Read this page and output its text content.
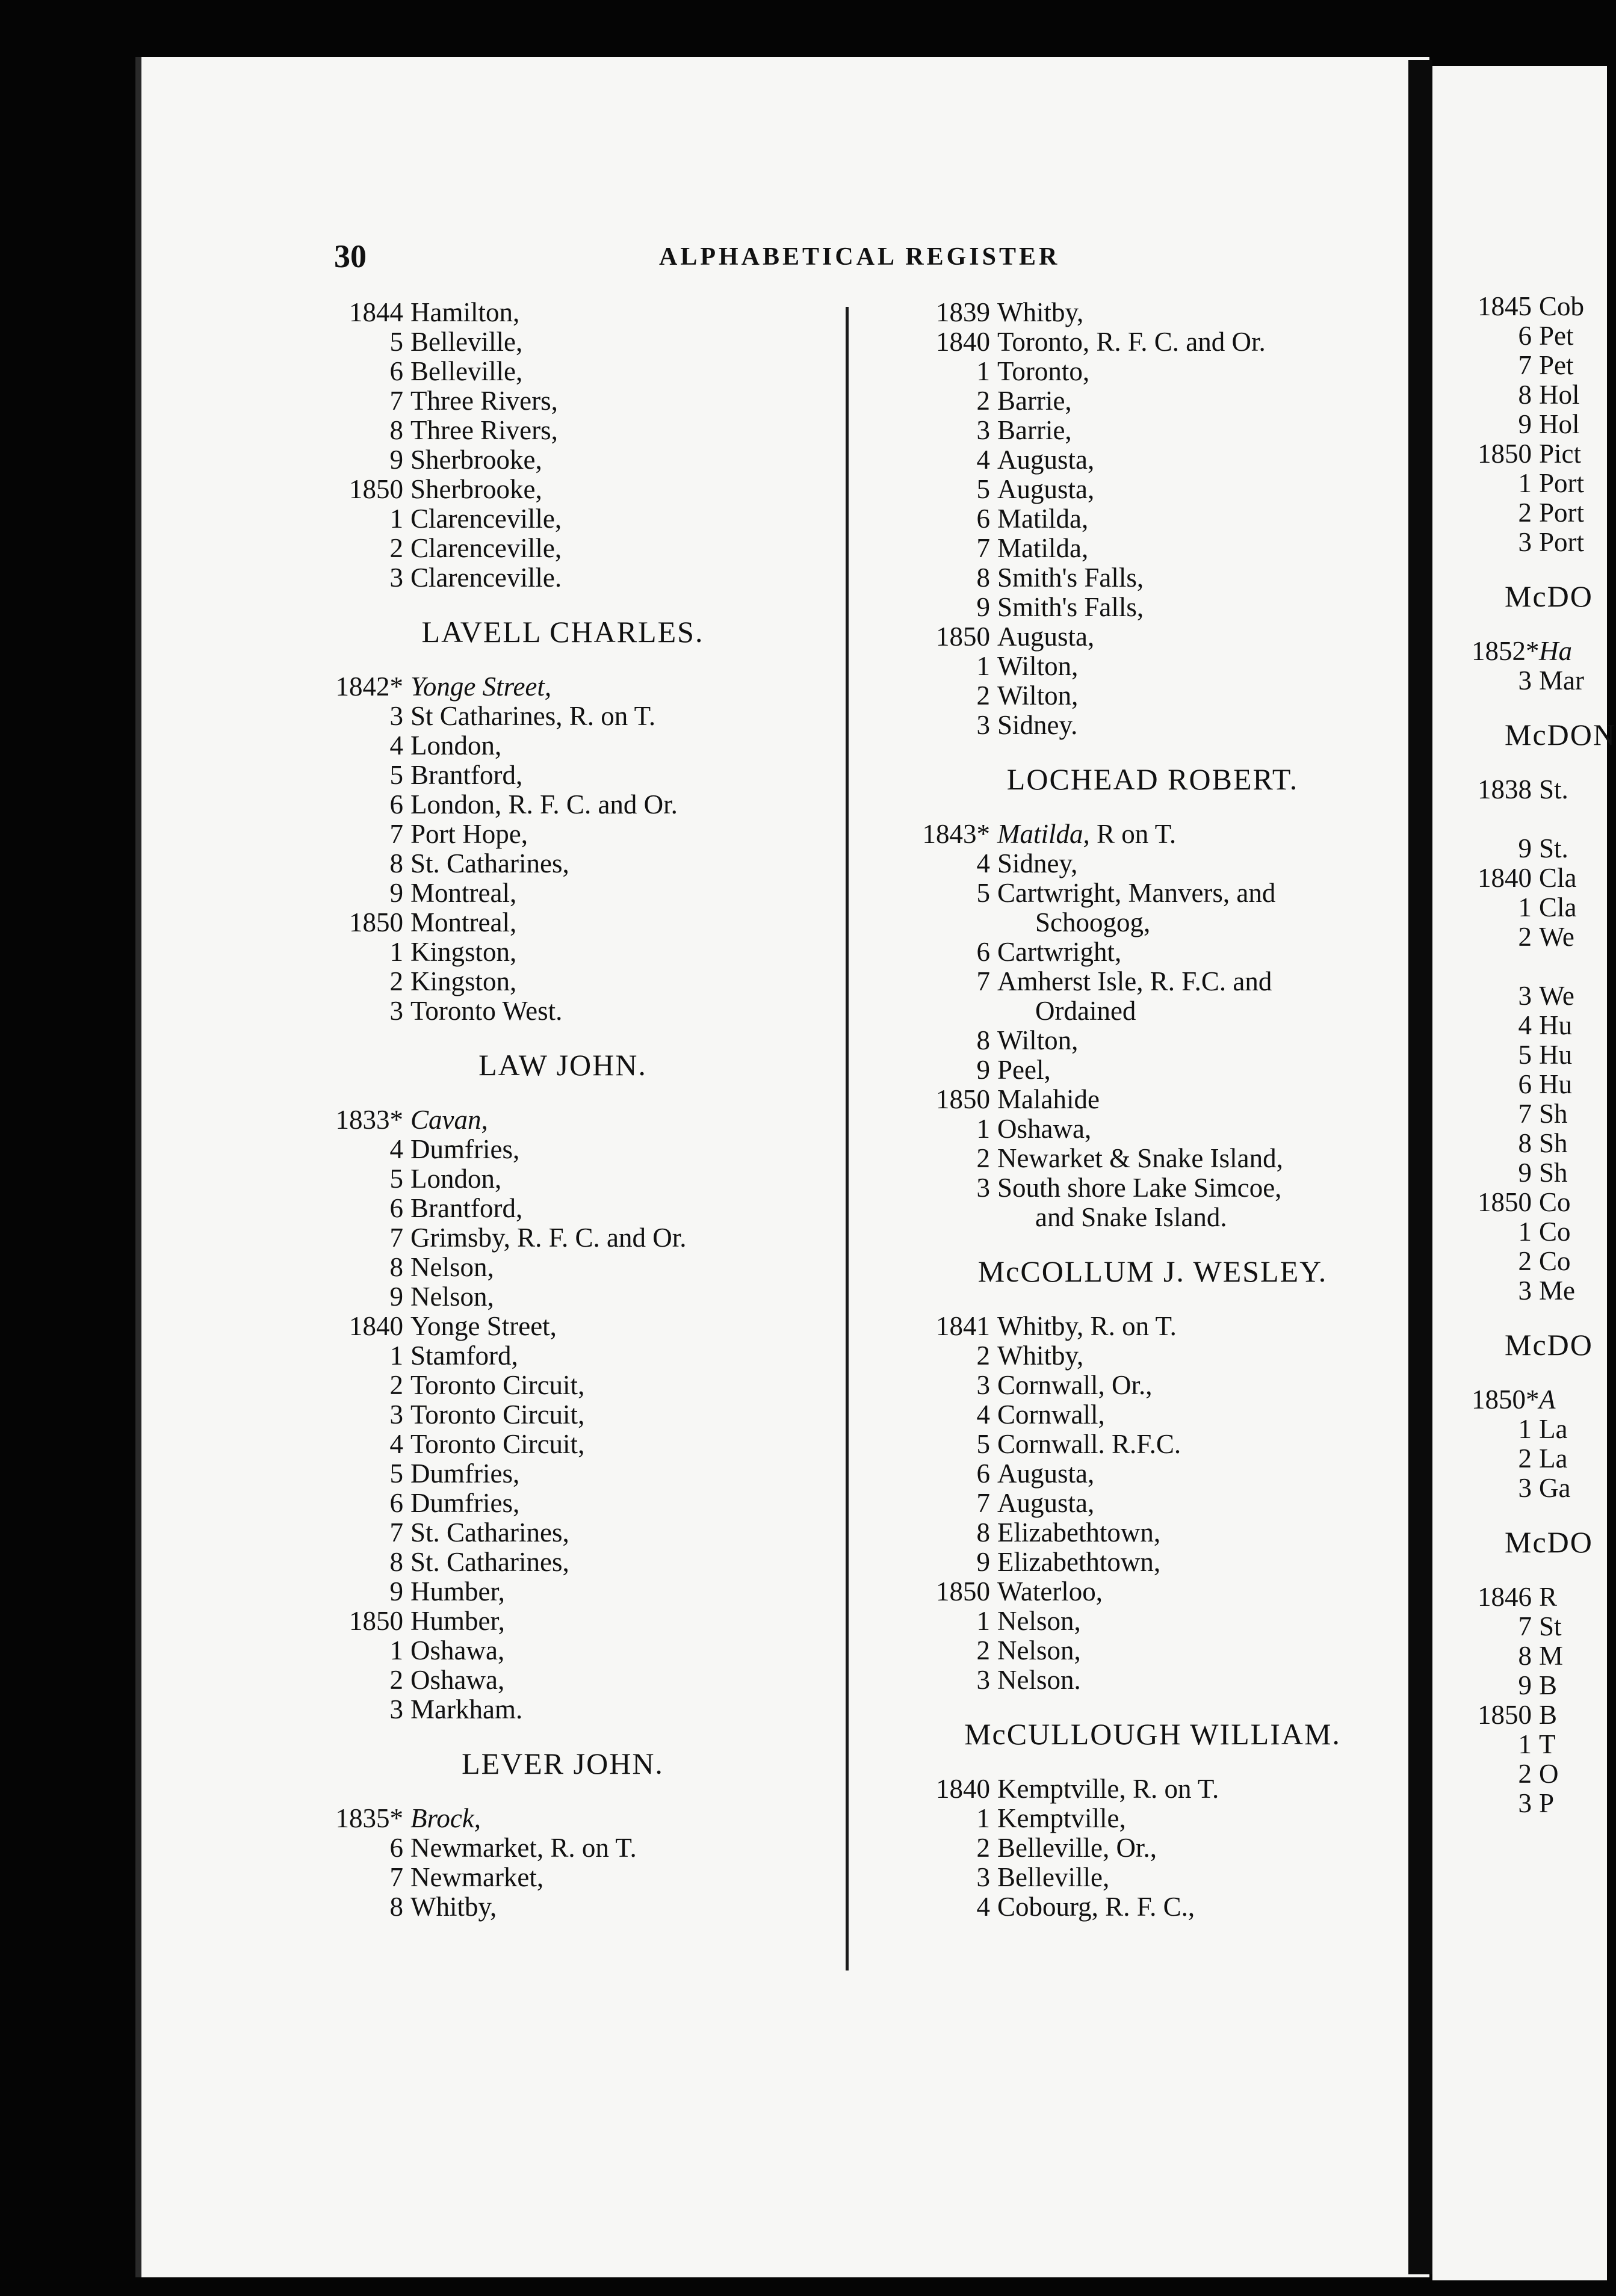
30	ALPHABETICAL REGISTER
1844 Hamilton,
5 Belleville,
6 Belleville,
7 Three Rivers,
8 Three Rivers,
9 Sherbrooke,
1850 Sherbrooke,
1 Clarenceville,
2 Clarenceville,
3 Clarenceville.
LAVELL CHARLES.
1842* Yonge Street,
3 St Catharines, R. on T.
4 London,
5 Brantford,
6 London, R. F. C. and Or.
7 Port Hope,
8 St. Catharines,
9 Montreal,
1850 Montreal,
1 Kingston,
2 Kingston,
3 Toronto West.
LAW JOHN.
1833* Cavan,
4 Dumfries,
5 London,
6 Brantford,
7 Grimsby, R. F. C. and Or.
8 Nelson,
9 Nelson,
1840 Yonge Street,
1 Stamford,
2 Toronto Circuit,
3 Toronto Circuit,
4 Toronto Circuit,
5 Dumfries,
6 Dumfries,
7 St. Catharines,
8 St. Catharines,
9 Humber,
1850 Humber,
1 Oshawa,
2 Oshawa,
3 Markham.
LEVER JOHN.
1835* Brock,
6 Newmarket, R. on T.
7 Newmarket,
8 Whitby,
1839 Whitby,
1840 Toronto, R. F. C. and Or.
1 Toronto,
2 Barrie,
3 Barrie,
4 Augusta,
5 Augusta,
6 Matilda,
7 Matilda,
8 Smith's Falls,
9 Smith's Falls,
1850 Augusta,
1 Wilton,
2 Wilton,
3 Sidney.
LOCHEAD ROBERT.
1843* Matilda, R on T.
4 Sidney,
5 Cartwright, Manvers, and
Schoogog,
6 Cartwright,
7 Amherst Isle, R. F.C. and
Ordained
8 Wilton,
9 Peel,
1850 Malahide
1 Oshawa,
2 Newarket & Snake Island,
3 South shore Lake Simcoe,
and Snake Island.
McCOLLUM J. WESLEY.
1841 Whitby, R. on T.
2 Whitby,
3 Cornwall, Or.,
4 Cornwall,
5 Cornwall. R.F.C.
6 Augusta,
7 Augusta,
8 Elizabethtown,
9 Elizabethtown,
1850 Waterloo,
1 Nelson,
2 Nelson,
3 Nelson.
McCULLOUGH WILLIAM.
1840 Kemptville, R. on T.
1 Kemptville,
2 Belleville, Or.,
3 Belleville,
4 Cobourg, R. F. C.,
1845 Cob
6 Pet
7 Pet
8 Hol
9 Hol
1850 Pict
1 Port
2 Port
3 Port
McDO
1852* Ha
3 Mar
McDON
1838 St.

9 St.
1840 Cla
1 Cla
2 We

3 We
4 Hu
5 Hu
6 Hu
7 Sh
8 Sh
9 Sh
1850 Co
1 Co
2 Co
3 Me
McDO
1850* A
1 La
2 La
3 Ga
McDO
1846 R
7 St
8 M
9 B
1850 B
1 T
2 O
3 P
